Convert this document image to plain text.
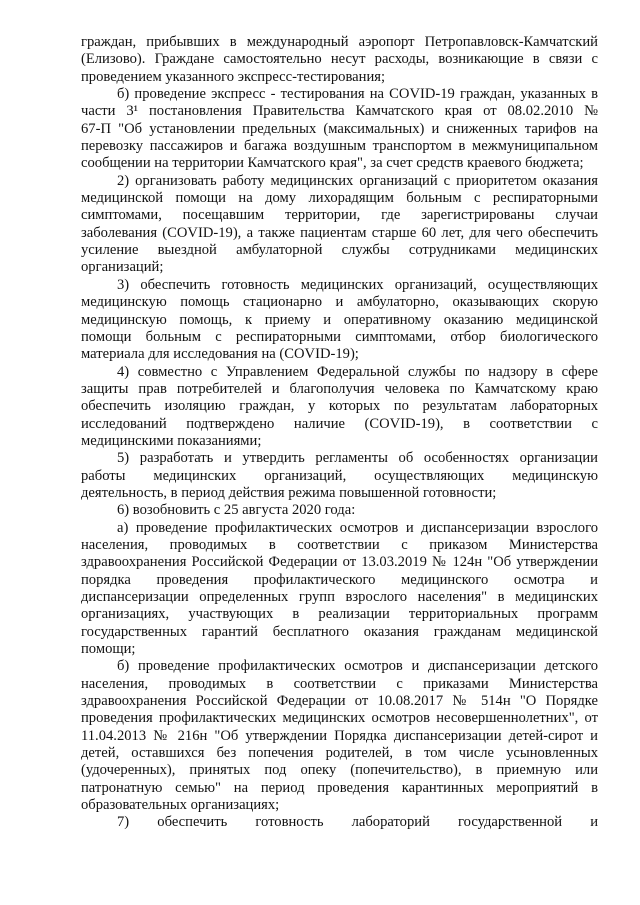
граждан, прибывших в международный аэропорт Петропавловск-Камчатский
(Елизово). Граждане самостоятельно несут расходы, возникающие в связи с
проведением указанного экспресс-тестирования;
б) проведение экспресс - тестирования на COVID-19 граждан, указанных в
части 3¹ постановления Правительства Камчатского края от 08.02.2010 №
67-П "Об установлении предельных (максимальных) и сниженных тарифов на
перевозку пассажиров и багажа воздушным транспортом в межмуниципальном
сообщении на территории Камчатского края", за счет средств краевого бюджета;
2) организовать работу медицинских организаций с приоритетом оказания
медицинской помощи на дому лихорадящим больным с респираторными
симптомами, посещавшим территории, где зарегистрированы случаи
заболевания (COVID-19), а также пациентам старше 60 лет, для чего обеспечить
усиление выездной амбулаторной службы сотрудниками медицинских
организаций;
3) обеспечить готовность медицинских организаций, осуществляющих
медицинскую помощь стационарно и амбулаторно, оказывающих скорую
медицинскую помощь, к приему и оперативному оказанию медицинской
помощи больным с респираторными симптомами, отбор биологического
материала для исследования на (COVID-19);
4) совместно с Управлением Федеральной службы по надзору в сфере
защиты прав потребителей и благополучия человека по Камчатскому краю
обеспечить изоляцию граждан, у которых по результатам лабораторных
исследований подтверждено наличие (COVID-19), в соответствии с
медицинскими показаниями;
5) разработать и утвердить регламенты об особенностях организации
работы медицинских организаций, осуществляющих медицинскую
деятельность, в период действия режима повышенной готовности;
6) возобновить с 25 августа 2020 года:
а) проведение профилактических осмотров и диспансеризации взрослого
населения, проводимых в соответствии с приказом Министерства
здравоохранения Российской Федерации от 13.03.2019 № 124н "Об утверждении
порядка проведения профилактического медицинского осмотра и
диспансеризации определенных групп взрослого населения" в медицинских
организациях, участвующих в реализации территориальных программ
государственных гарантий бесплатного оказания гражданам медицинской
помощи;
б) проведение профилактических осмотров и диспансеризации детского
населения, проводимых в соответствии с приказами Министерства
здравоохранения Российской Федерации от 10.08.2017 № 514н "О Порядке
проведения профилактических медицинских осмотров несовершеннолетних", от
11.04.2013 № 216н "Об утверждении Порядка диспансеризации детей-сирот и
детей, оставшихся без попечения родителей, в том числе усыновленных
(удочеренных), принятых под опеку (попечительство), в приемную или
патронатную семью" на период проведения карантинных мероприятий в
образовательных организациях;
7) обеспечить готовность лабораторий государственной и
